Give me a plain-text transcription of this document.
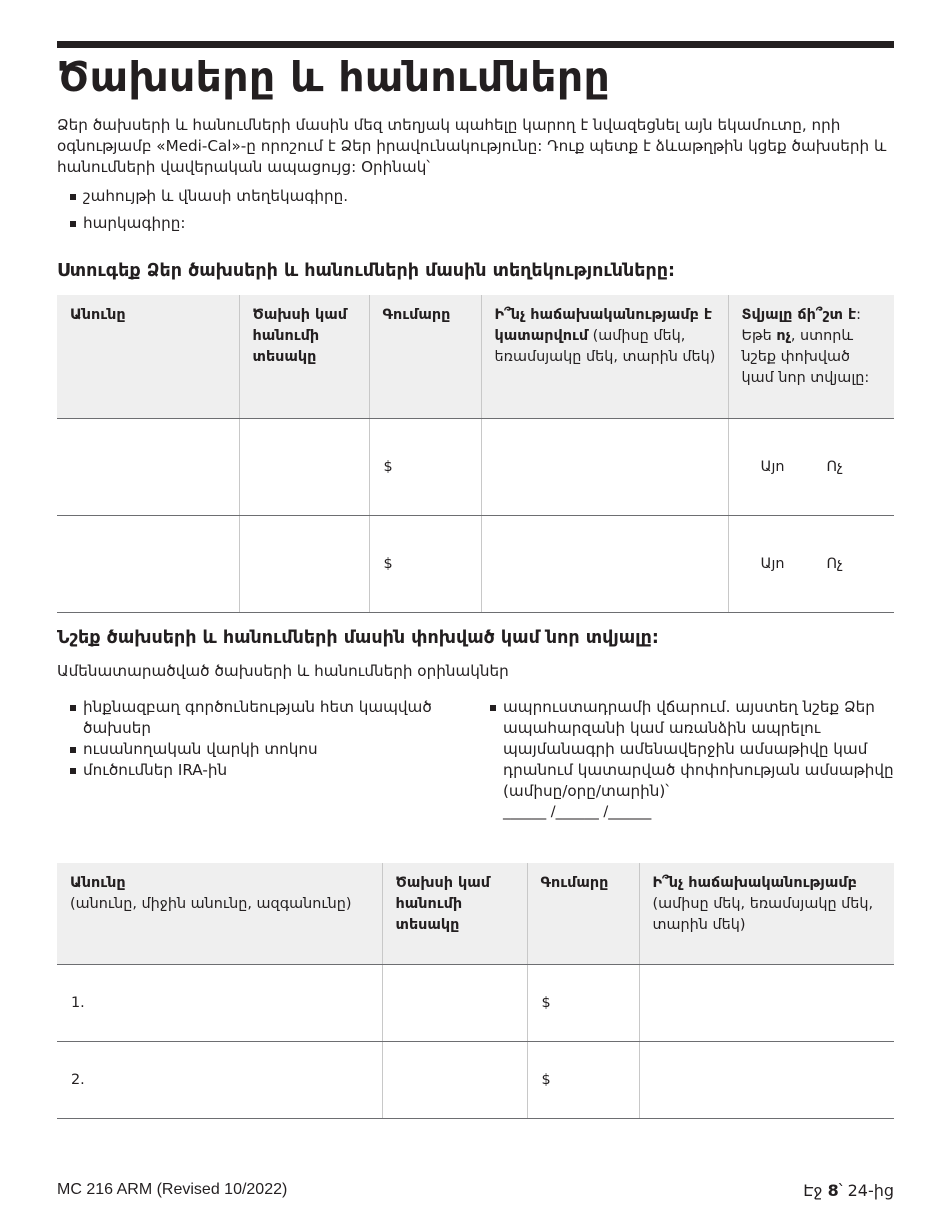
Ծախսերը և հանումները
Ձեր ծախսերի և հանումների մասին մեզ տեղյակ պահելը կարող է նվազեցնել այն եկամուտը, որի օգնությամբ «Medi-Cal»-ը որոշում է Ձեր իրավունակությունը: Դուք պետք է ձևաթղթին կցեք ծախսերի և հանումների վավերական ապացույց: Օրինակ՝
շահույթի և վնասի տեղեկագիրը.
հարկագիրը:
Ստուգեք Ձեր ծախսերի և հանումների մասին տեղեկությունները:
Անունը	Ծախսի կամ հանումի տեսակը	Գումարը	Ի՞նչ հաճախականությամբ է կատարվում (ամիսը մեկ, եռամսյակը մեկ, տարին մեկ)	Տվյալը ճի՞շտ է:
Եթե ոչ, ստորև նշեք փոխված կամ նոր տվյալը:
		$		Այո Ոչ
		$		Այո Ոչ
Նշեք ծախսերի և հանումների մասին փոխված կամ նոր տվյալը:
Ամենատարածված ծախսերի և հանումների օրինակներ
ինքնազբաղ գործունեության հետ կապված ծախսեր
ուսանողական վարկի տոկոս
մուծումներ IRA-ին
ապրուստադրամի վճարում. այստեղ նշեք Ձեր ապահարզանի կամ առանձին ապրելու պայմանագրի ամենավերջին ամսաթիվը կամ դրանում կատարված փոփոխության ամսաթիվը (ամիսը/օրը/տարին)՝
______ /______ /______
Անունը
(անունը, միջին անունը, ազգանունը)	Ծախսի կամ հանումի տեսակը	Գումարը	Ի՞նչ հաճախականությամբ
(ամիսը մեկ, եռամսյակը մեկ, տարին մեկ)
1.		$	
2.		$	
MC 216 ARM (Revised 10/2022)	Էջ 8՝ 24-ից
